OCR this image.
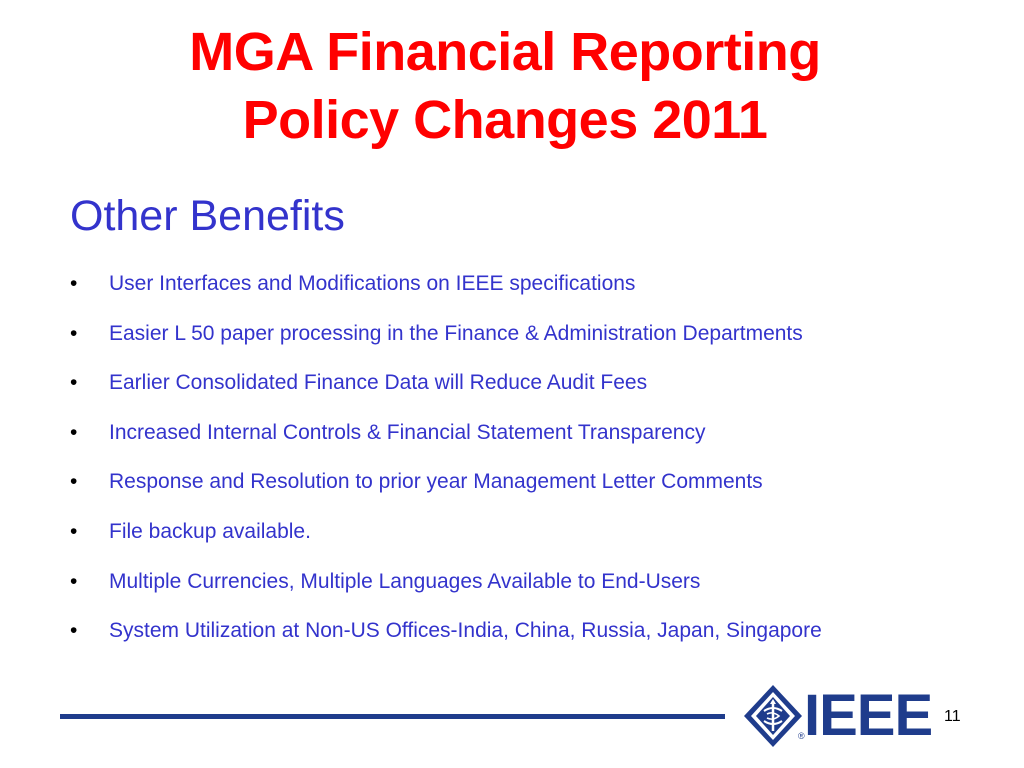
MGA Financial Reporting
Policy Changes 2011
Other Benefits
• User Interfaces and Modifications on IEEE specifications
• Easier L 50 paper processing in the Finance & Administration Departments
• Earlier Consolidated Finance Data will Reduce Audit Fees
• Increased Internal Controls & Financial Statement Transparency
• Response and Resolution to prior year Management Letter Comments
• File backup available.
• Multiple Currencies, Multiple Languages Available to End-Users
• System Utilization at Non-US Offices-India, China, Russia, Japan, Singapore
IEEE
®
11
